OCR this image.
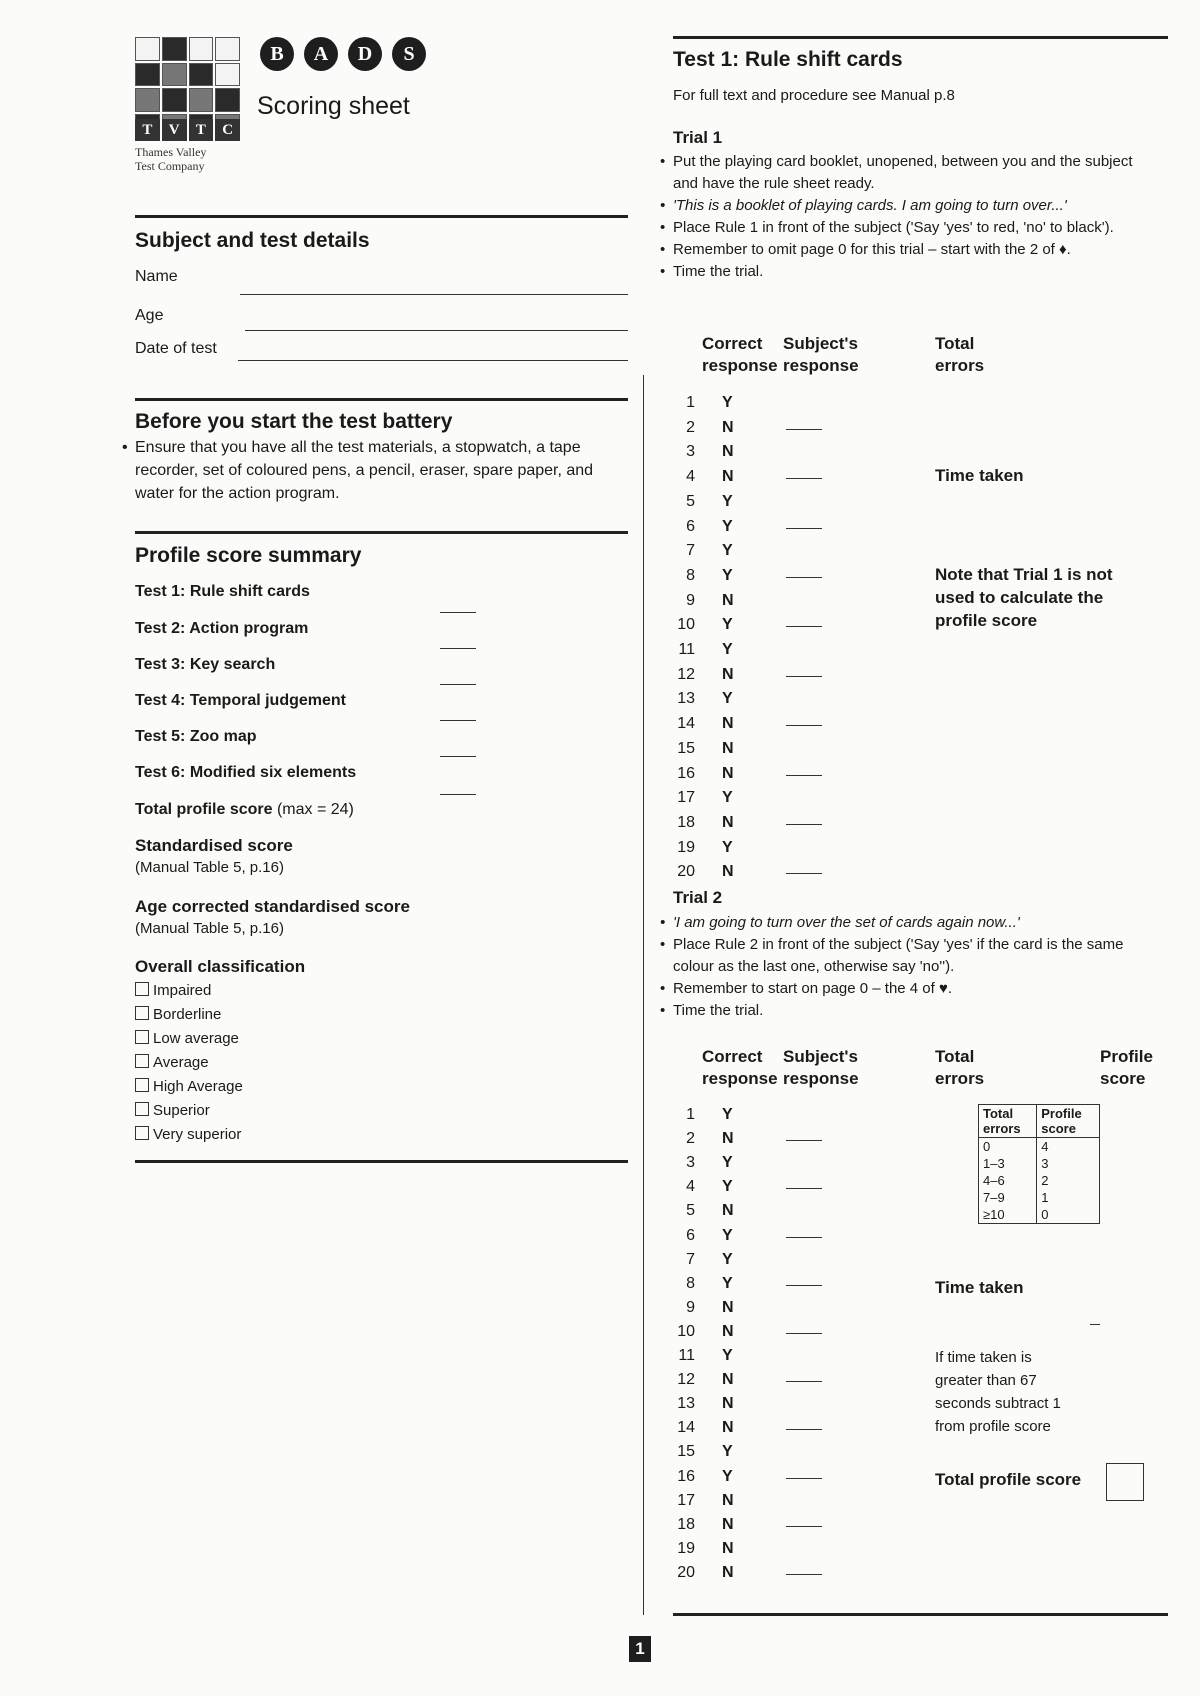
T	V	T	C
Thames Valley
Test Company
B	A	D	S
Scoring sheet
Subject and test details
Name
Age
Date of test
Before you start the test battery
• Ensure that you have all the test materials, a stopwatch, a tape recorder, set of coloured pens, a pencil, eraser, spare paper, and water for the action program.
Profile score summary
Test 1: Rule shift cards
Test 2: Action program
Test 3: Key search
Test 4: Temporal judgement
Test 5: Zoo map
Test 6: Modified six elements
Total profile score (max = 24)
Standardised score
(Manual Table 5, p.16)
Age corrected standardised score
(Manual Table 5, p.16)
Overall classification
Impaired
Borderline
Low average
Average
High Average
Superior
Very superior
Test 1: Rule shift cards
For full text and procedure see Manual p.8
Trial 1
• Put the playing card booklet, unopened, between you and the subject and have the rule sheet ready.
• 'This is a booklet of playing cards. I am going to turn over...'
• Place Rule 1 in front of the subject ('Say 'yes' to red, 'no' to black').
• Remember to omit page 0 for this trial – start with the 2 of ♦.
• Time the trial.
Correct response
Subject's response
Total errors
1 Y
2 N
3 N
4 N
5 Y
6 Y
7 Y
8 Y
9 N
10 Y
11 Y
12 N
13 Y
14 N
15 N
16 N
17 Y
18 N
19 Y
20 N
Time taken
Note that Trial 1 is not used to calculate the profile score
Trial 2
• 'I am going to turn over the set of cards again now...'
• Place Rule 2 in front of the subject ('Say 'yes' if the card is the same colour as the last one, otherwise say 'no'').
• Remember to start on page 0 – the 4 of ♥.
• Time the trial.
Correct response
Subject's response
Total errors
Profile score
1 Y
2 N
3 Y
4 Y
5 N
6 Y
7 Y
8 Y
9 N
10 N
11 Y
12 N
13 N
14 N
15 Y
16 Y
17 N
18 N
19 N
20 N
Total errors	Profile score
0	4
1–3	3
4–6	2
7–9	1
≥10	0
Time taken
If time taken is greater than 67 seconds subtract 1 from profile score
Total profile score
1
